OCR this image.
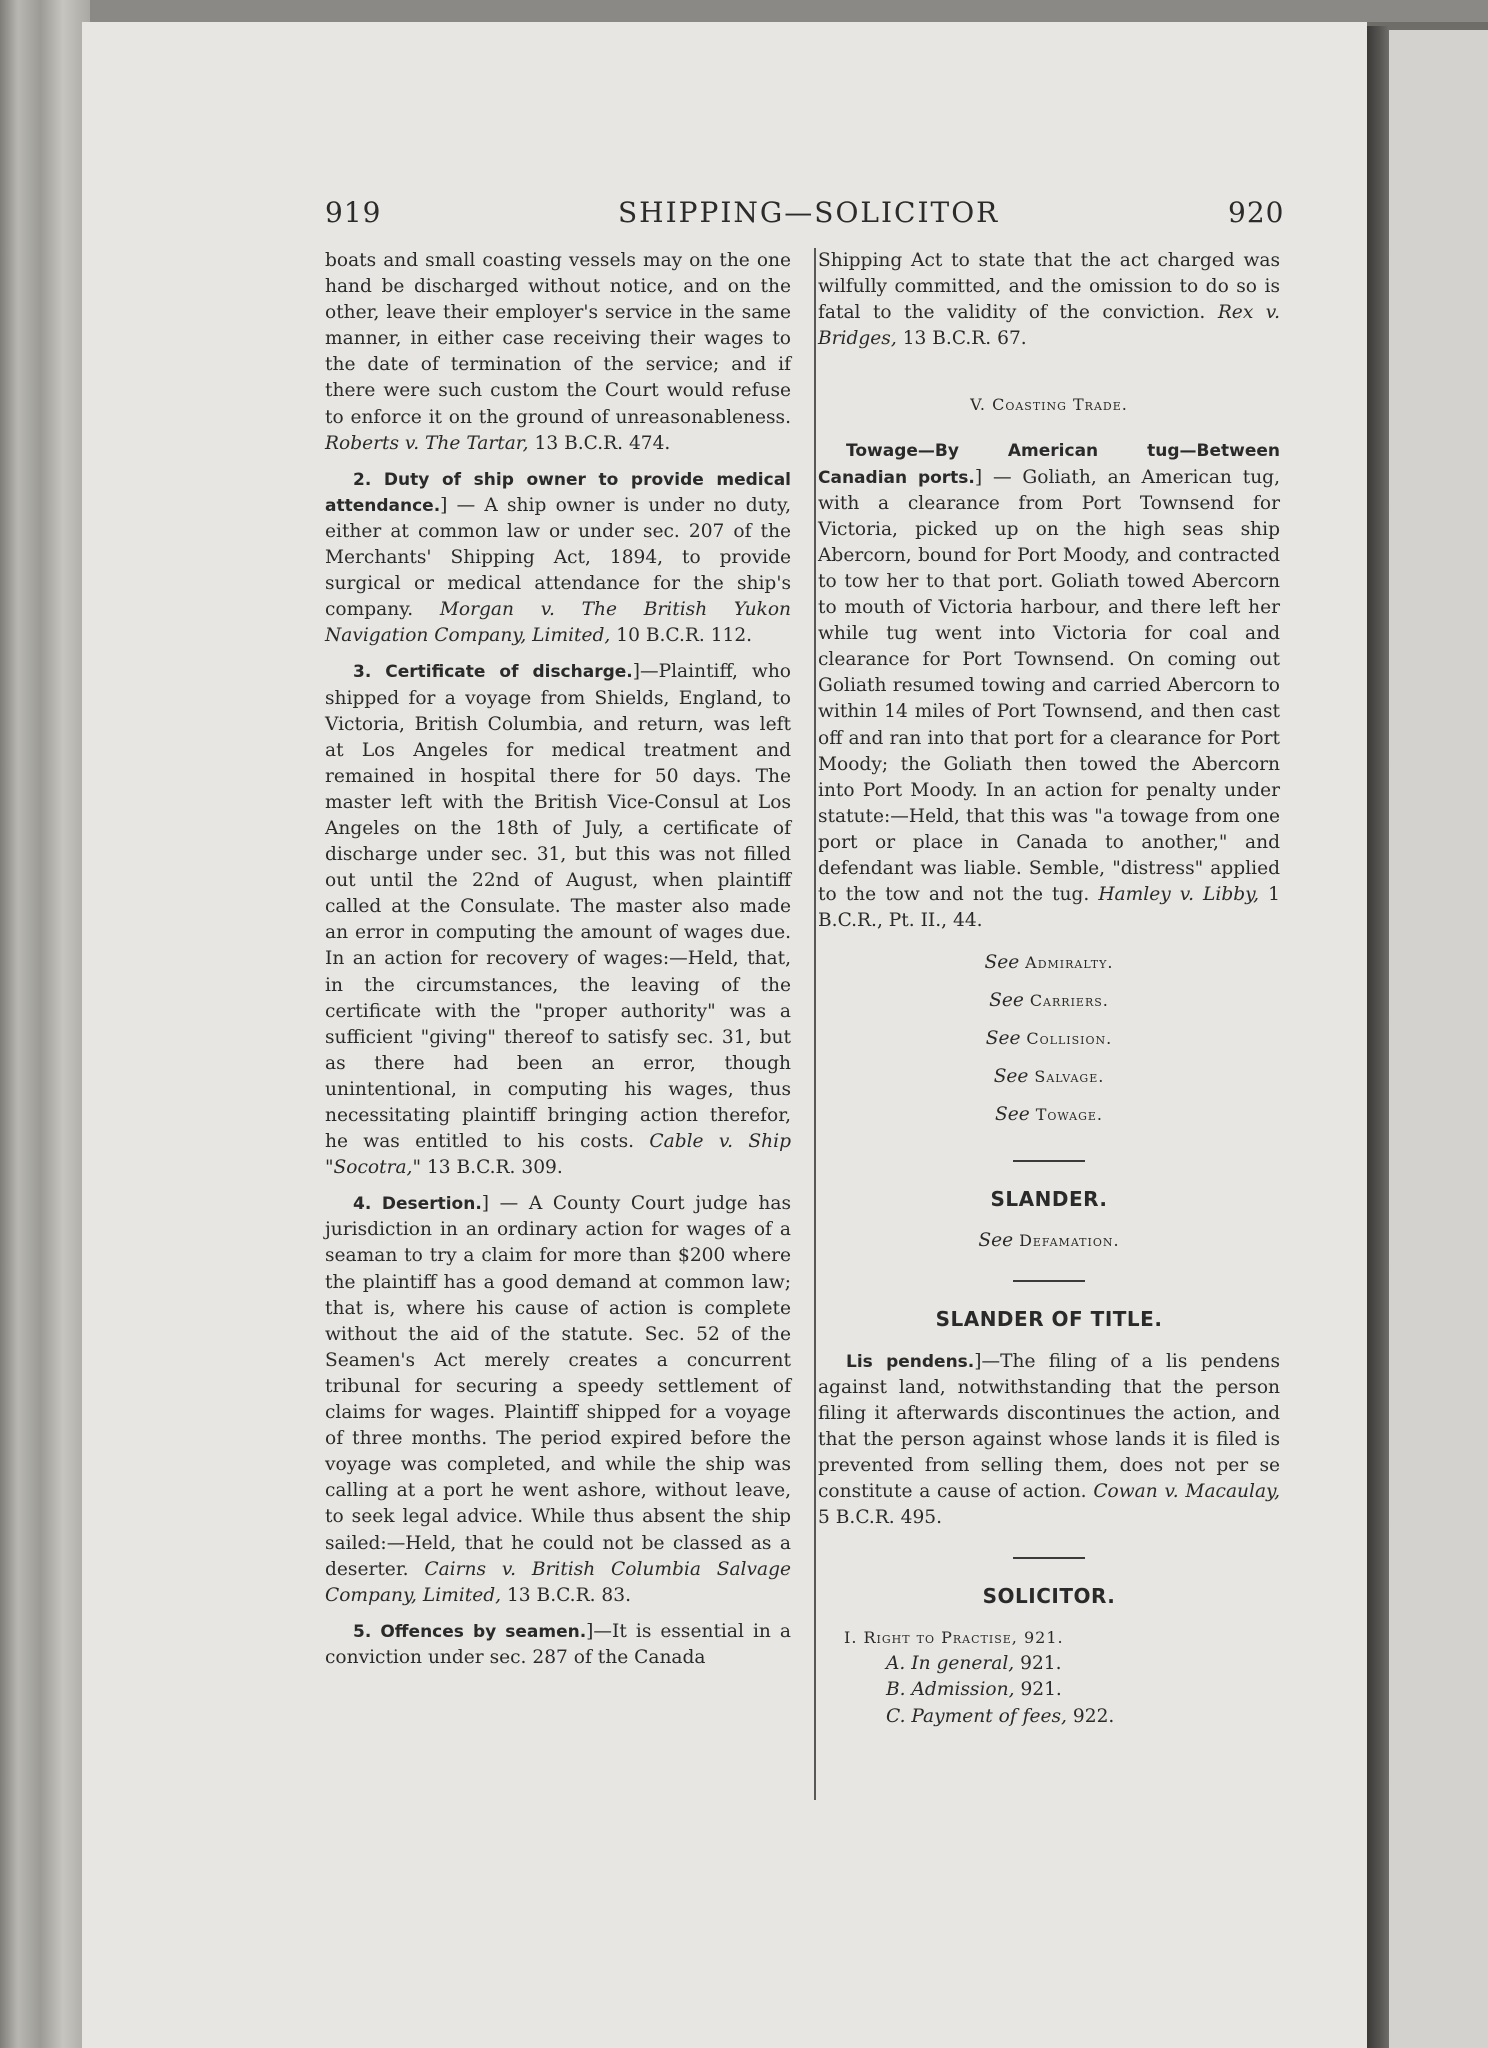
919	SHIPPING—SOLICITOR	920

boats and small coasting vessels may on the one hand be discharged without notice, and on the other, leave their employer's service in the same manner, in either case receiving their wages to the date of termination of the service; and if there were such custom the Court would refuse to enforce it on the ground of unreasonableness. Roberts v. The Tartar, 13 B.C.R. 474.

2. Duty of ship owner to provide medical attendance.] — A ship owner is under no duty, either at common law or under sec. 207 of the Merchants' Shipping Act, 1894, to provide surgical or medical attendance for the ship's company. Morgan v. The British Yukon Navigation Company, Limited, 10 B.C.R. 112.

3. Certificate of discharge.]—Plaintiff, who shipped for a voyage from Shields, England, to Victoria, British Columbia, and return, was left at Los Angeles for medical treatment and remained in hospital there for 50 days. The master left with the British Vice-Consul at Los Angeles on the 18th of July, a certificate of discharge under sec. 31, but this was not filled out until the 22nd of August, when plaintiff called at the Consulate. The master also made an error in computing the amount of wages due. In an action for recovery of wages:—Held, that, in the circumstances, the leaving of the certificate with the "proper authority" was a sufficient "giving" thereof to satisfy sec. 31, but as there had been an error, though unintentional, in computing his wages, thus necessitating plaintiff bringing action therefor, he was entitled to his costs. Cable v. Ship "Socotra," 13 B.C.R. 309.

4. Desertion.] — A County Court judge has jurisdiction in an ordinary action for wages of a seaman to try a claim for more than $200 where the plaintiff has a good demand at common law; that is, where his cause of action is complete without the aid of the statute. Sec. 52 of the Seamen's Act merely creates a concurrent tribunal for securing a speedy settlement of claims for wages. Plaintiff shipped for a voyage of three months. The period expired before the voyage was completed, and while the ship was calling at a port he went ashore, without leave, to seek legal advice. While thus absent the ship sailed:—Held, that he could not be classed as a deserter. Cairns v. British Columbia Salvage Company, Limited, 13 B.C.R. 83.

5. Offences by seamen.]—It is essential in a conviction under sec. 287 of the Canada

Shipping Act to state that the act charged was wilfully committed, and the omission to do so is fatal to the validity of the conviction. Rex v. Bridges, 13 B.C.R. 67.

V. Coasting Trade.

Towage—By American tug—Between Canadian ports.] — Goliath, an American tug, with a clearance from Port Townsend for Victoria, picked up on the high seas ship Abercorn, bound for Port Moody, and contracted to tow her to that port. Goliath towed Abercorn to mouth of Victoria harbour, and there left her while tug went into Victoria for coal and clearance for Port Townsend. On coming out Goliath resumed towing and carried Abercorn to within 14 miles of Port Townsend, and then cast off and ran into that port for a clearance for Port Moody; the Goliath then towed the Abercorn into Port Moody. In an action for penalty under statute:—Held, that this was "a towage from one port or place in Canada to another," and defendant was liable. Semble, "distress" applied to the tow and not the tug. Hamley v. Libby, 1 B.C.R., Pt. II., 44.

See Admiralty.
See Carriers.
See Collision.
See Salvage.
See Towage.
SLANDER.
See Defamation.
SLANDER OF TITLE.

Lis pendens.]—The filing of a lis pendens against land, notwithstanding that the person filing it afterwards discontinues the action, and that the person against whose lands it is filed is prevented from selling them, does not per se constitute a cause of action. Cowan v. Macaulay, 5 B.C.R. 495.

SOLICITOR.
I. Right to Practise, 921.
A. In general, 921.
B. Admission, 921.
C. Payment of fees, 922.
